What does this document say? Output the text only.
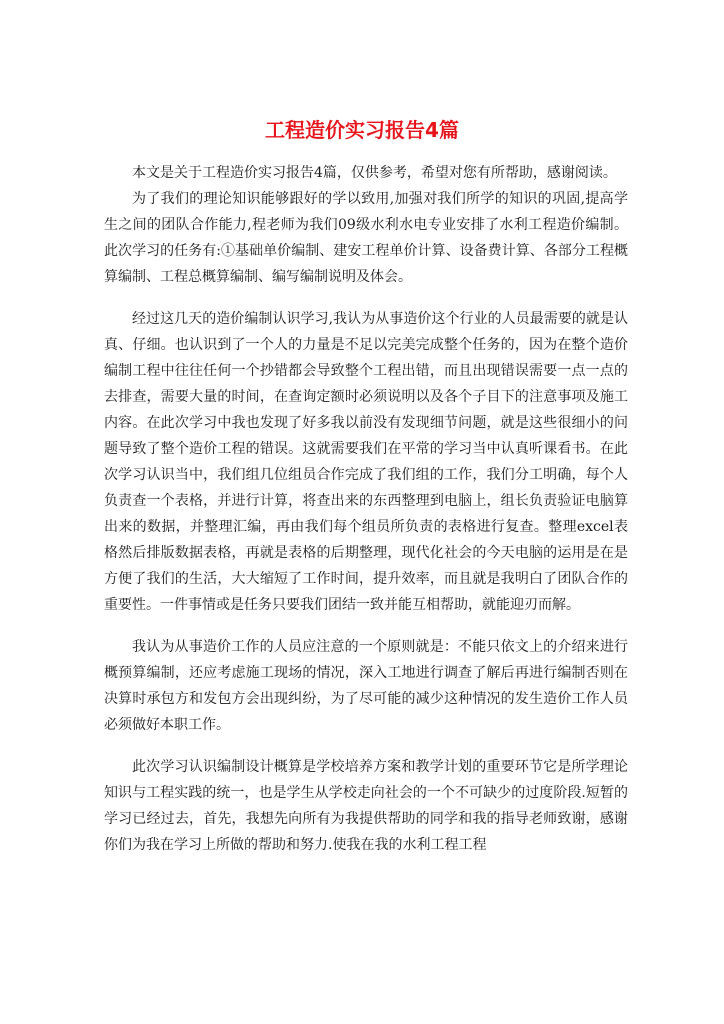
工程造价实习报告4篇

本文是关于工程造价实习报告4篇，仅供参考，希望对您有所帮助，感谢阅读。

为了我们的理论知识能够跟好的学以致用,加强对我们所学的知识的巩固,提高学生之间的团队合作能力,程老师为我们09级水利水电专业安排了水利工程造价编制。此次学习的任务有:①基础单价编制、建安工程单价计算、设备费计算、各部分工程概算编制、工程总概算编制、编写编制说明及体会。

经过这几天的造价编制认识学习,我认为从事造价这个行业的人员最需要的就是认真、仔细。也认识到了一个人的力量是不足以完美完成整个任务的，因为在整个造价编制工程中往往任何一个抄错都会导致整个工程出错，而且出现错误需要一点一点的去排查，需要大量的时间，在查询定额时必须说明以及各个子目下的注意事项及施工内容。在此次学习中我也发现了好多我以前没有发现细节问题，就是这些很细小的问题导致了整个造价工程的错误。这就需要我们在平常的学习当中认真听课看书。在此次学习认识当中，我们组几位组员合作完成了我们组的工作，我们分工明确，每个人负责查一个表格，并进行计算，将查出来的东西整理到电脑上，组长负责验证电脑算出来的数据，并整理汇编，再由我们每个组员所负责的表格进行复查。整理excel表格然后排版数据表格，再就是表格的后期整理，现代化社会的今天电脑的运用是在是方便了我们的生活，大大缩短了工作时间，提升效率，而且就是我明白了团队合作的重要性。一件事情或是任务只要我们团结一致并能互相帮助，就能迎刃而解。

我认为从事造价工作的人员应注意的一个原则就是：不能只依文上的介绍来进行概预算编制，还应考虑施工现场的情况，深入工地进行调查了解后再进行编制否则在决算时承包方和发包方会出现纠纷，为了尽可能的减少这种情况的发生造价工作人员必须做好本职工作。

此次学习认识编制设计概算是学校培养方案和教学计划的重要环节它是所学理论知识与工程实践的统一，也是学生从学校走向社会的一个不可缺少的过度阶段.短暂的学习已经过去，首先，我想先向所有为我提供帮助的同学和我的指导老师致谢，感谢你们为我在学习上所做的帮助和努力.使我在我的水利工程工程
